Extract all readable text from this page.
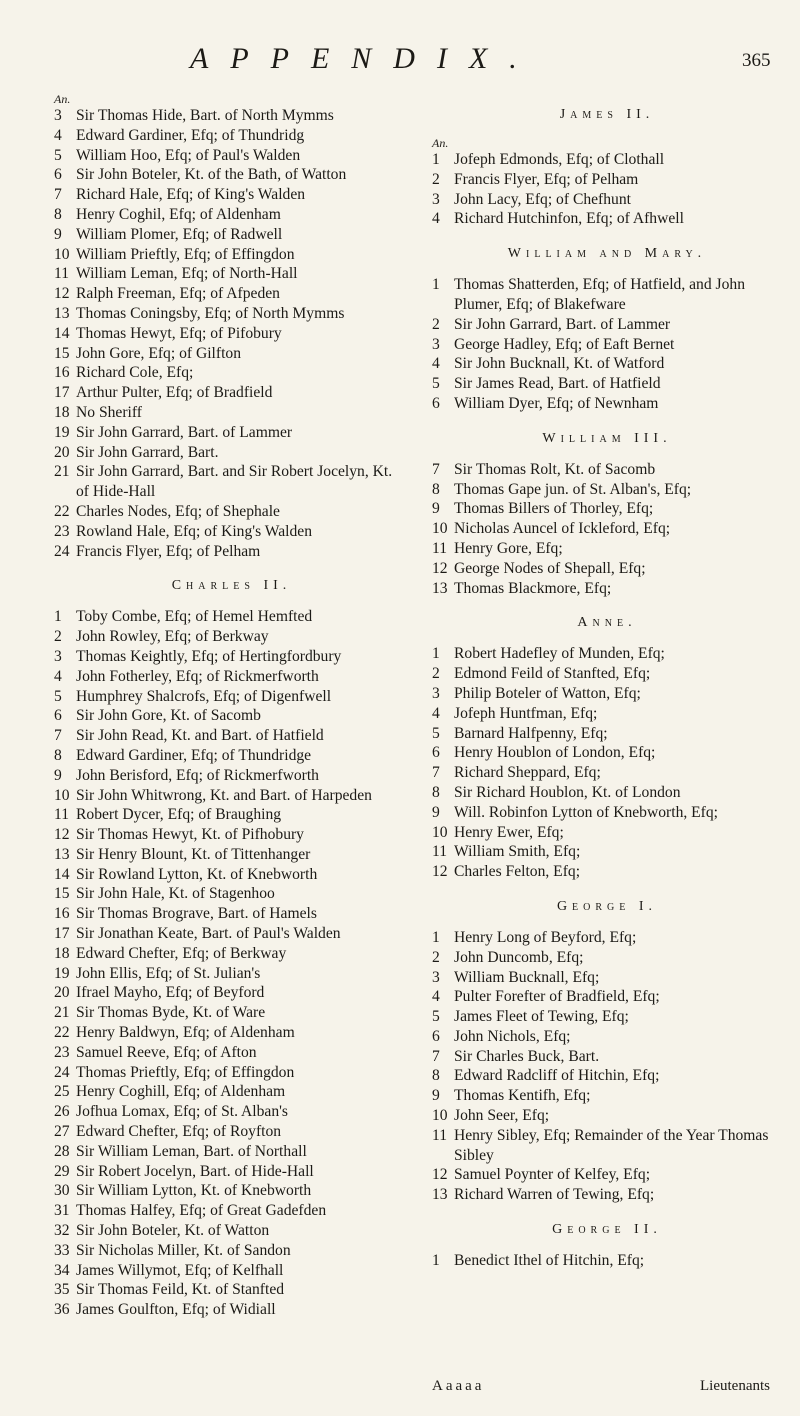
APPENDIX.	365
An.
3 Sir Thomas Hide, Bart. of North Mymms
4 Edward Gardiner, Efq; of Thundridg
5 William Hoo, Efq; of Paul's Walden
6 Sir John Boteler, Kt. of the Bath, of Watton
7 Richard Hale, Efq; of King's Walden
8 Henry Coghil, Efq; of Aldenham
9 William Plomer, Efq; of Radwell
10 William Prieftly, Efq; of Effingdon
11 William Leman, Efq; of North-Hall
12 Ralph Freeman, Efq; of Afpeden
13 Thomas Coningsby, Efq; of North Mymms
14 Thomas Hewyt, Efq; of Pifobury
15 John Gore, Efq; of Gilfton
16 Richard Cole, Efq;
17 Arthur Pulter, Efq; of Bradfield
18 No Sheriff
19 Sir John Garrard, Bart. of Lammer
20 Sir John Garrard, Bart.
21 Sir John Garrard, Bart. and Sir Robert Jocelyn, Kt. of Hide-Hall
22 Charles Nodes, Efq; of Shephale
23 Rowland Hale, Efq; of King's Walden
24 Francis Flyer, Efq; of Pelham
Charles II.
1 Toby Combe, Efq; of Hemel Hemfted
2 John Rowley, Efq; of Berkway
3 Thomas Keightly, Efq; of Hertingfordbury
4 John Fotherley, Efq; of Rickmerfworth
5 Humphrey Shalcrofs, Efq; of Digenfwell
6 Sir John Gore, Kt. of Sacomb
7 Sir John Read, Kt. and Bart. of Hatfield
8 Edward Gardiner, Efq; of Thundridge
9 John Berisford, Efq; of Rickmerfworth
10 Sir John Whitwrong, Kt. and Bart. of Harpeden
11 Robert Dycer, Efq; of Braughing
12 Sir Thomas Hewyt, Kt. of Pifhobury
13 Sir Henry Blount, Kt. of Tittenhanger
14 Sir Rowland Lytton, Kt. of Knebworth
15 Sir John Hale, Kt. of Stagenhoo
16 Sir Thomas Brograve, Bart. of Hamels
17 Sir Jonathan Keate, Bart. of Paul's Walden
18 Edward Chefter, Efq; of Berkway
19 John Ellis, Efq; of St. Julian's
20 Ifrael Mayho, Efq; of Beyford
21 Sir Thomas Byde, Kt. of Ware
22 Henry Baldwyn, Efq; of Aldenham
23 Samuel Reeve, Efq; of Afton
24 Thomas Prieftly, Efq; of Effingdon
25 Henry Coghill, Efq; of Aldenham
26 Jofhua Lomax, Efq; of St. Alban's
27 Edward Chefter, Efq; of Royfton
28 Sir William Leman, Bart. of Northall
29 Sir Robert Jocelyn, Bart. of Hide-Hall
30 Sir William Lytton, Kt. of Knebworth
31 Thomas Halfey, Efq; of Great Gadefden
32 Sir John Boteler, Kt. of Watton
33 Sir Nicholas Miller, Kt. of Sandon
34 James Willymot, Efq; of Kelfhall
35 Sir Thomas Feild, Kt. of Stanfted
36 James Goulfton, Efq; of Widiall
James II.
An.
1 Jofeph Edmonds, Efq; of Clothall
2 Francis Flyer, Efq; of Pelham
3 John Lacy, Efq; of Chefhunt
4 Richard Hutchinfon, Efq; of Afhwell
William and Mary.
1 Thomas Shatterden, Efq; of Hatfield, and John Plumer, Efq; of Blakefware
2 Sir John Garrard, Bart. of Lammer
3 George Hadley, Efq; of Eaft Bernet
4 Sir John Bucknall, Kt. of Watford
5 Sir James Read, Bart. of Hatfield
6 William Dyer, Efq; of Newnham
William III.
7 Sir Thomas Rolt, Kt. of Sacomb
8 Thomas Gape jun. of St. Alban's, Efq;
9 Thomas Billers of Thorley, Efq;
10 Nicholas Auncel of Ickleford, Efq;
11 Henry Gore, Efq;
12 George Nodes of Shepall, Efq;
13 Thomas Blackmore, Efq;
Anne.
1 Robert Hadefley of Munden, Efq;
2 Edmond Feild of Stanfted, Efq;
3 Philip Boteler of Watton, Efq;
4 Jofeph Huntfman, Efq;
5 Barnard Halfpenny, Efq;
6 Henry Houblon of London, Efq;
7 Richard Sheppard, Efq;
8 Sir Richard Houblon, Kt. of London
9 Will. Robinfon Lytton of Knebworth, Efq;
10 Henry Ewer, Efq;
11 William Smith, Efq;
12 Charles Felton, Efq;
George I.
1 Henry Long of Beyford, Efq;
2 John Duncomb, Efq;
3 William Bucknall, Efq;
4 Pulter Forefter of Bradfield, Efq;
5 James Fleet of Tewing, Efq;
6 John Nichols, Efq;
7 Sir Charles Buck, Bart.
8 Edward Radcliff of Hitchin, Efq;
9 Thomas Kentifh, Efq;
10 John Seer, Efq;
11 Henry Sibley, Efq; Remainder of the Year Thomas Sibley
12 Samuel Poynter of Kelfey, Efq;
13 Richard Warren of Tewing, Efq;
George II.
1 Benedict Ithel of Hitchin, Efq;
Aaaaa	Lieutenants
